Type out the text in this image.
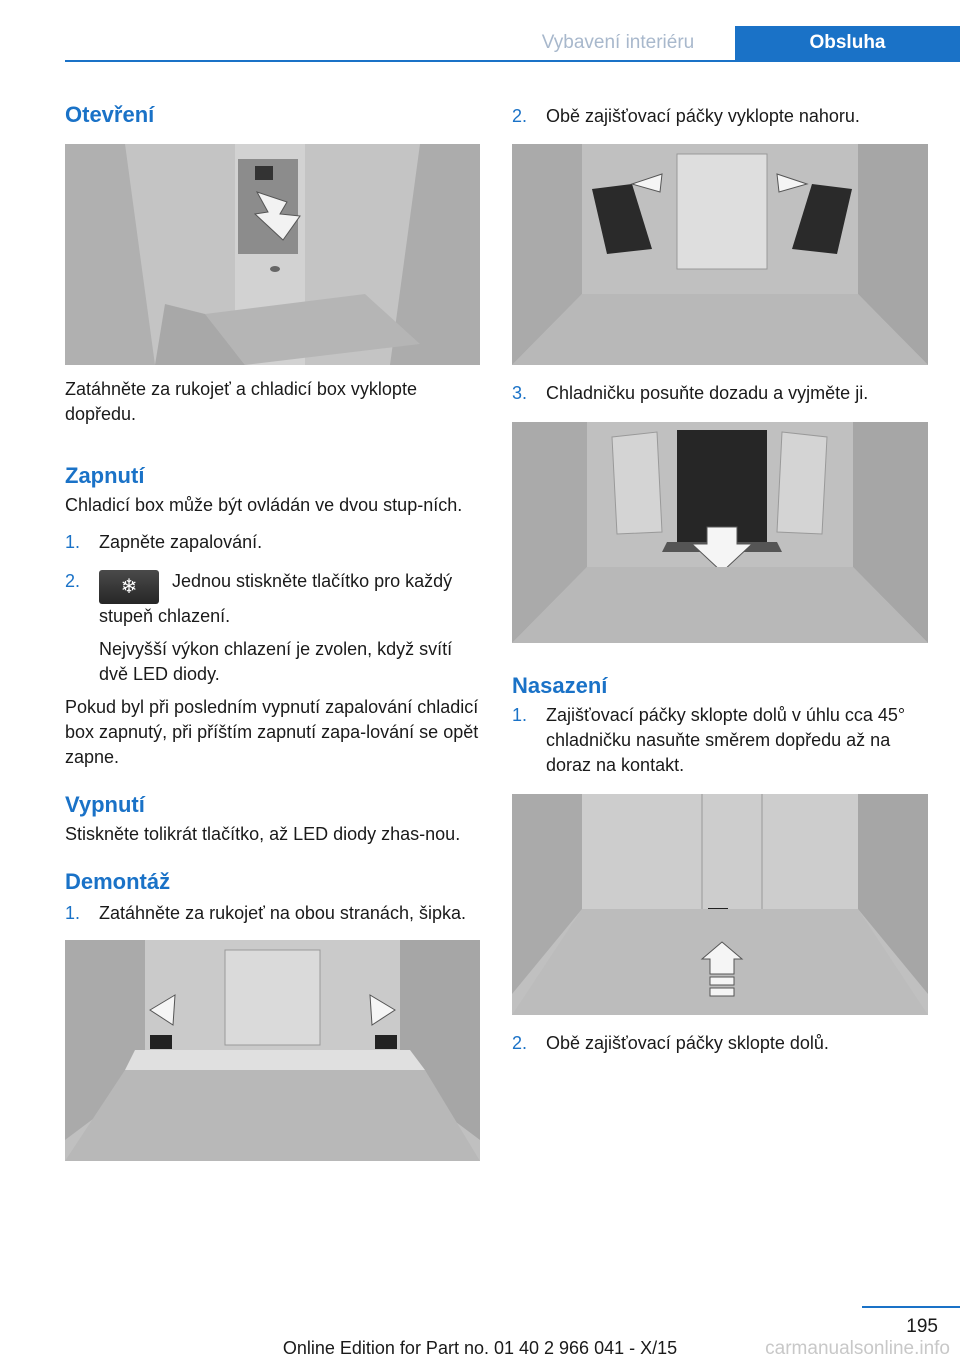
Vybavení interiéru	Obsluha
Otevření

Zatáhněte za rukojeť a chladicí box vyklopte dopředu.

Zapnutí

Chladicí box může být ovládán ve dvou stup-ních.

1. Zapněte zapalování.
2. ❄ Jednou stiskněte tlačítko pro každý stupeň chlazení.
Nejvyšší výkon chlazení je zvolen, když svítí dvě LED diody.

Pokud byl při posledním vypnutí zapalování chladicí box zapnutý, při příštím zapnutí zapa-lování se opět zapne.

Vypnutí

Stiskněte tolikrát tlačítko, až LED diody zhas-nou.

Demontáž
1. Zatáhněte za rukojeť na obou stranách, šipka.
2. Obě zajišťovací páčky vyklopte nahoru.
3. Chladničku posuňte dozadu a vyjměte ji.
Nasazení
1. Zajišťovací páčky sklopte dolů v úhlu cca 45° chladničku nasuňte směrem dopředu až na doraz na kontakt.
2. Obě zajišťovací páčky sklopte dolů.
195
Online Edition for Part no. 01 40 2 966 041 - X/15	carmanualsonline.info
